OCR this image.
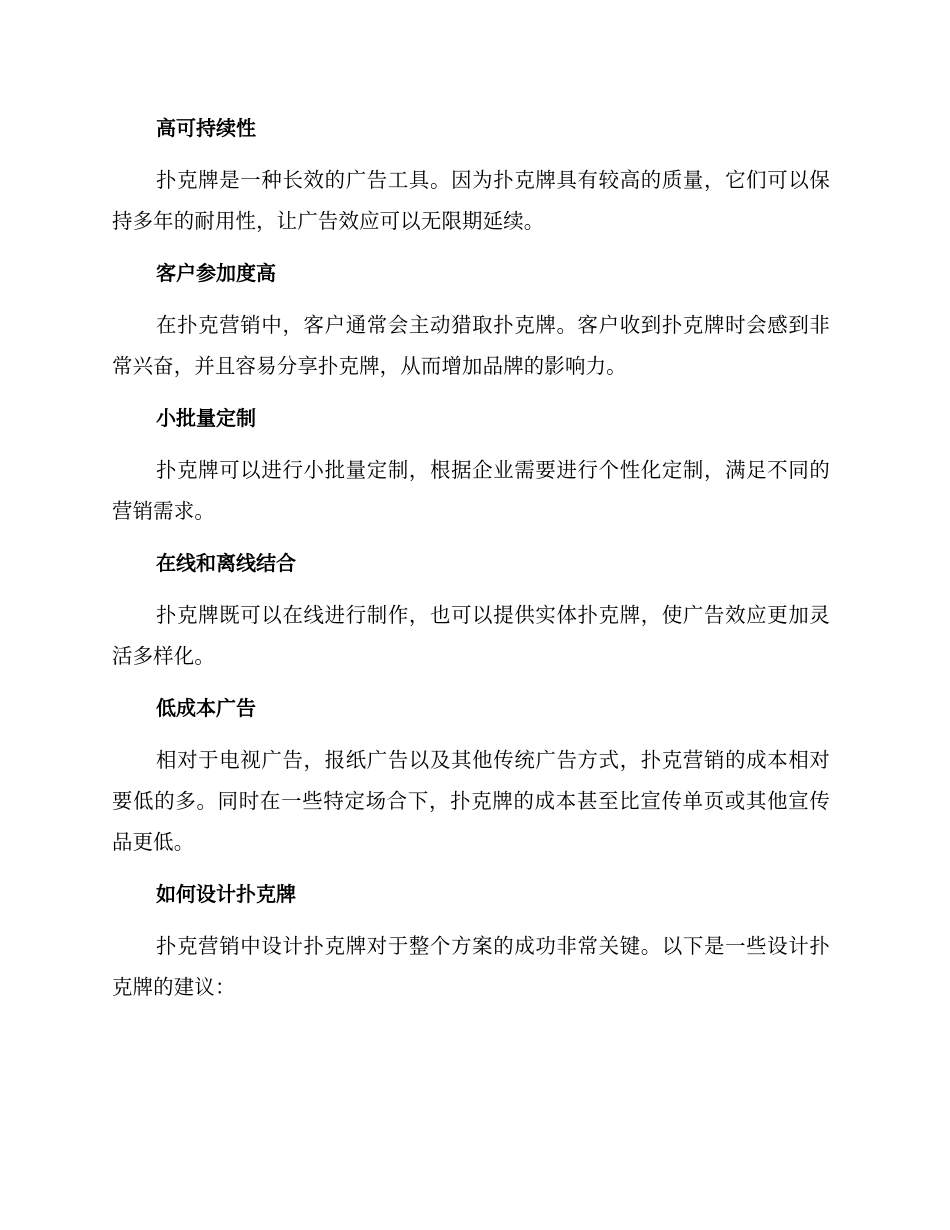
高可持续性

扑克牌是一种长效的广告工具。因为扑克牌具有较高的质量，它们可以保持多年的耐用性，让广告效应可以无限期延续。

客户参加度高

在扑克营销中，客户通常会主动猎取扑克牌。客户收到扑克牌时会感到非常兴奋，并且容易分享扑克牌，从而增加品牌的影响力。

小批量定制

扑克牌可以进行小批量定制，根据企业需要进行个性化定制，满足不同的营销需求。

在线和离线结合

扑克牌既可以在线进行制作，也可以提供实体扑克牌，使广告效应更加灵活多样化。

低成本广告

相对于电视广告，报纸广告以及其他传统广告方式，扑克营销的成本相对要低的多。同时在一些特定场合下，扑克牌的成本甚至比宣传单页或其他宣传品更低。

如何设计扑克牌

扑克营销中设计扑克牌对于整个方案的成功非常关键。以下是一些设计扑克牌的建议：
